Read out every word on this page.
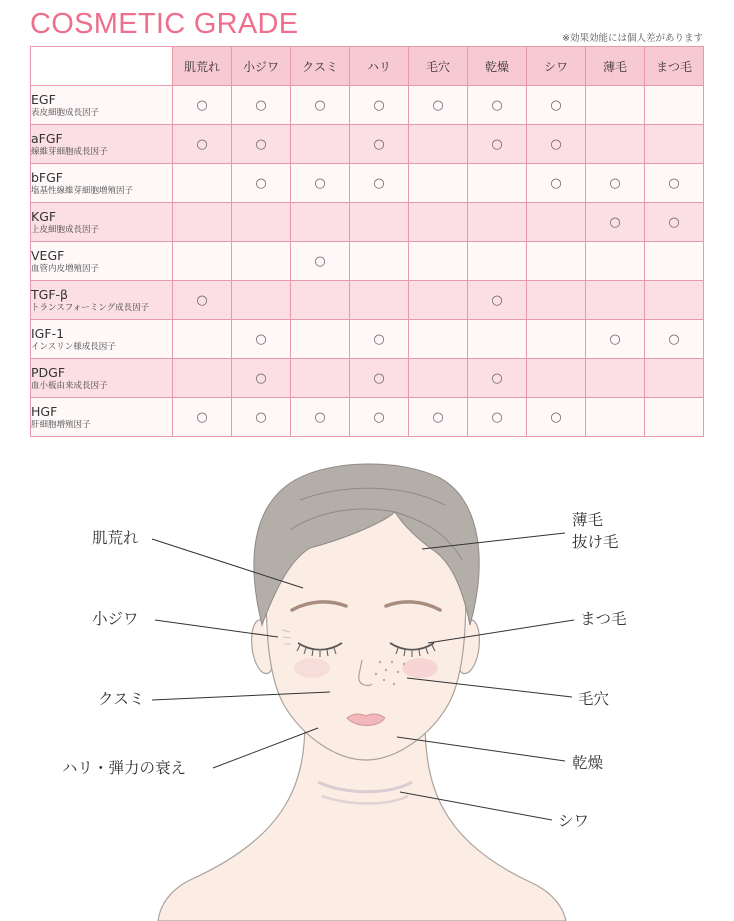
COSMETIC GRADE	※効果効能には個人差があります
	肌荒れ	小ジワ	クスミ	ハリ	毛穴	乾燥	シワ	薄毛	まつ毛

EGF
表皮細胞成長因子	○	○	○	○	○	○	○		

aFGF
線維芽細胞成長因子	○	○		○		○	○		

bFGF
塩基性線維芽細胞増殖因子		○	○	○			○	○	○

KGF
上皮細胞成長因子								○	○

VEGF
血管内皮増殖因子			○						

TGF-β
トランスフォーミング成長因子	○					○			

IGF-1
インスリン様成長因子		○		○				○	○

PDGF
血小板由来成長因子		○		○		○			

HGF
肝細胞増殖因子	○	○	○	○	○	○	○		
肌荒れ
小ジワ
クスミ
ハリ・弾力の衰え
薄毛
抜け毛
まつ毛
毛穴
乾燥
シワ
